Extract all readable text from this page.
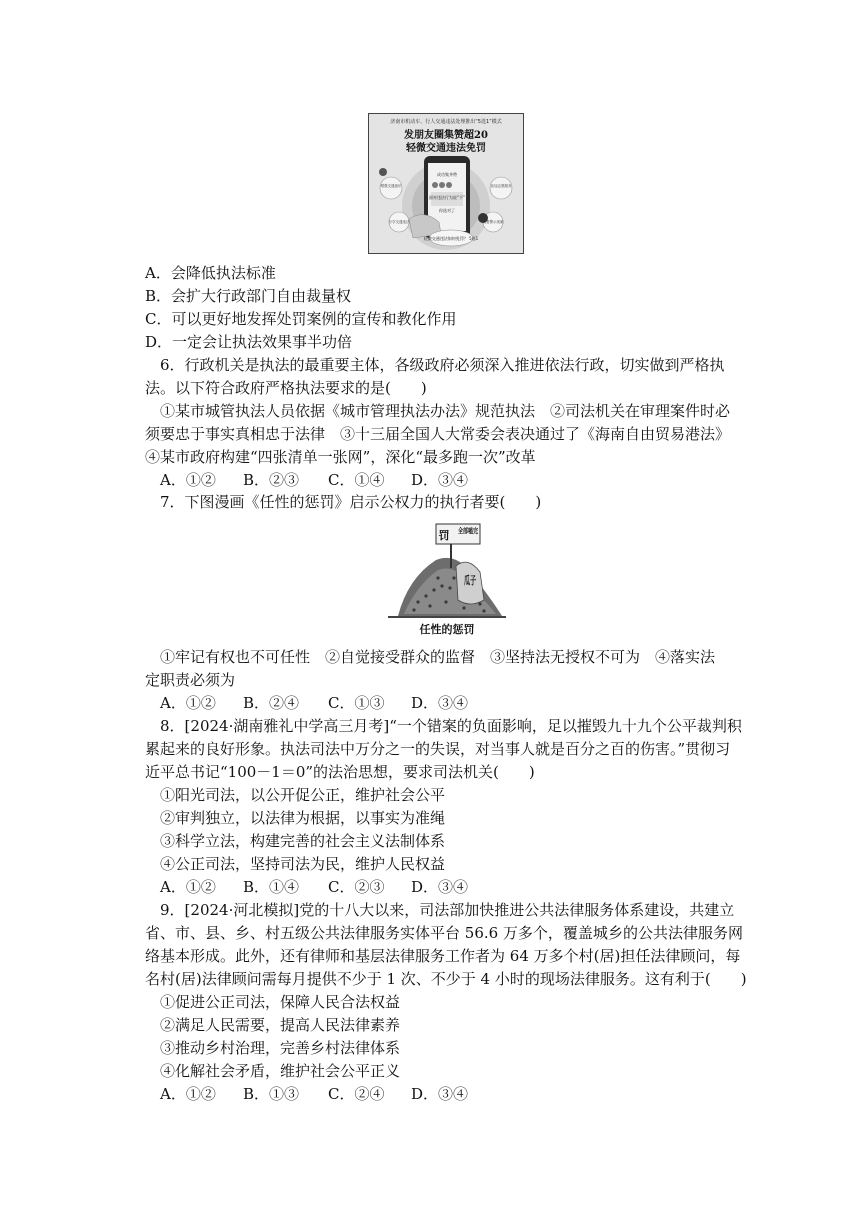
济南市机动车、行人交通违法处理推出“5选1”模式
发朋友圈集赞超20
轻微交通违法免罚
成功集齐赞
面对违法行为说“不”
你选对了
增强交通意识	参加志愿服务
分享交通违法	观看警示视频
轻微交通违法如何免罚？ 5选1
A．会降低执法标准
B．会扩大行政部门自由裁量权
C．可以更好地发挥处罚案例的宣传和教化作用
D．一定会让执法效果事半功倍
6．行政机关是执法的最重要主体，各级政府必须深入推进依法行政，切实做到严格执
法。以下符合政府严格执法要求的是(　　)
①某市城管执法人员依据《城市管理执法办法》规范执法　②司法机关在审理案件时必
须要忠于事实真相忠于法律　③十三届全国人大常委会表决通过了《海南自由贸易港法》
④某市政府构建“四张清单一张网”，深化“最多跑一次”改革
A．①② B．②③ C．①④ D．③④
7．下图漫画《任性的惩罚》启示公权力的执行者要(　　)
瓜子
罚 全部嗑完
任性的惩罚
①牢记有权也不可任性　②自觉接受群众的监督　③坚持法无授权不可为　④落实法
定职责必须为
A．①② B．②④ C．①③ D．③④
8．[2024·湖南雅礼中学高三月考]“一个错案的负面影响，足以摧毁九十九个公平裁判积
累起来的良好形象。执法司法中万分之一的失误，对当事人就是百分之百的伤害。”贯彻习
近平总书记“100－1＝0”的法治思想，要求司法机关(　　)
①阳光司法，以公开促公正，维护社会公平
②审判独立，以法律为根据，以事实为准绳
③科学立法，构建完善的社会主义法制体系
④公正司法，坚持司法为民，维护人民权益
A．①② B．①④ C．②③ D．③④
9．[2024·河北模拟]党的十八大以来，司法部加快推进公共法律服务体系建设，共建立
省、市、县、乡、村五级公共法律服务实体平台 56.6 万多个，覆盖城乡的公共法律服务网
络基本形成。此外，还有律师和基层法律服务工作者为 64 万多个村(居)担任法律顾问，每
名村(居)法律顾问需每月提供不少于 1 次、不少于 4 小时的现场法律服务。这有利于(　　)
①促进公正司法，保障人民合法权益
②满足人民需要，提高人民法律素养
③推动乡村治理，完善乡村法律体系
④化解社会矛盾，维护社会公平正义
A．①② B．①③ C．②④ D．③④
